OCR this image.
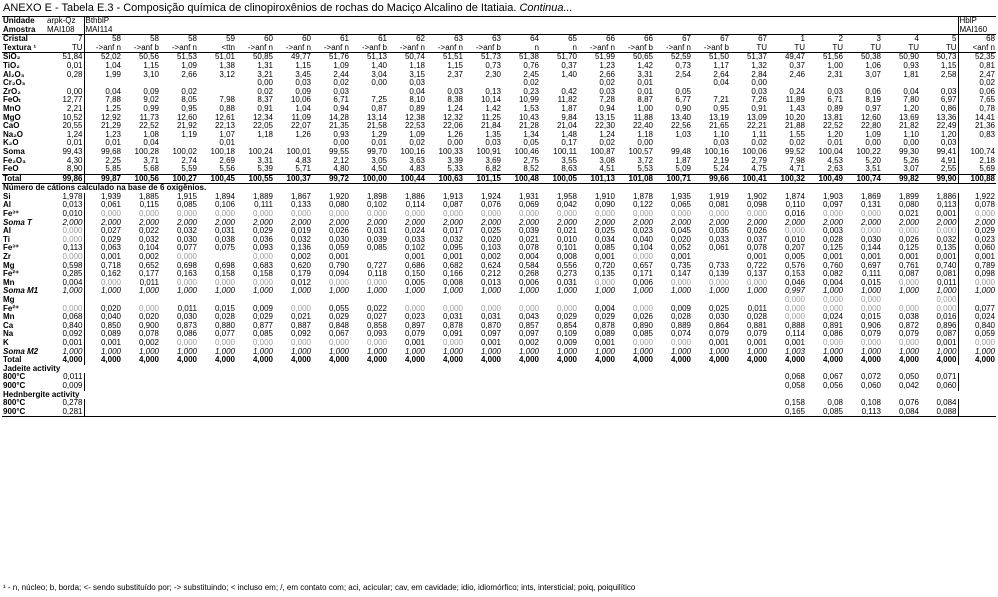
ANEXO E - Tabela E.3 - Composição química de clinopiroxênios de rochas do Maciço Alcalino de Itatiaia. Continua...
Unidade	arpk-Qz	BthblP																							HblP
Amostra	MAI108	MAI114																							MAI160
Cristal	7	58	58	58	59	60	60	61	61	62	63	63	64	65	66	66	67	67	67	1	2	3	4	5	68
Textura ¹	TÜ	->anf n	->anf b	->anf n	<ttn	->anf n	->anf n	->anf n	->anf b	->anf n	->anf n	->anf b	n	n	->anf n	->anf b	->anf n	->anf b	TÜ	TÜ	TÜ	TÜ	TÜ	TÜ	<anf n
SiO₂	51,84	52,02	50,56	51,53	51,01	50,85	49,77	51,76	51,13	50,74	51,51	51,73	51,38	51,70	51,99	50,65	52,59	51,50	51,37	49,47	51,56	50,38	50,90	50,73	52,35
TiO₂	0,01	1,04	1,15	1,09	1,38	1,31	1,15	1,09	1,40	1,18	1,15	0,73	0,76	0,37	1,23	1,42	0,73	1,17	1,32	0,37	1,00	1,06	0,93	1,15	0,81
Al₂O₃	0,28	1,99	3,10	2,66	3,12	3,21	3,45	2,44	3,04	3,15	2,37	2,30	2,45	1,40	2,66	3,31	2,54	2,64	2,84	2,46	2,31	3,07	1,81	2,58	2,47
Cr₂O₃						0,00	0,03	0,02	0,00	0,03			0,02		0,02	0,01		0,04	0,00						0,02
ZrO₂	0,00	0,04	0,09	0,02		0,02	0,09	0,03		0,04	0,03	0,13	0,23	0,42	0,03	0,01	0,05		0,03	0,24	0,03	0,06	0,04	0,03	0,06
FeOₜ	12,77	7,88	9,02	8,05	7,98	8,37	10,06	6,71	7,25	8,10	8,38	10,14	10,99	11,82	7,28	8,87	6,77	7,21	7,26	11,89	6,71	8,19	7,80	6,97	7,65
MnO	2,21	1,25	0,99	0,95	0,88	0,91	1,04	0,94	0,87	0,89	1,24	1,42	1,53	1,87	0,94	1,00	0,90	0,95	0,91	1,43	0,89	0,97	1,20	0,86	0,78
MgO	10,52	12,92	11,73	12,60	12,61	12,34	11,09	14,28	13,14	12,38	12,32	11,25	10,43	9,84	13,15	11,88	13,40	13,19	13,09	10,20	13,81	12,60	13,69	13,36	14,41
CaO	20,55	21,29	22,52	21,92	22,13	22,05	22,07	21,35	21,58	22,53	22,06	21,84	21,28	21,04	22,30	22,40	22,56	21,65	22,21	21,88	22,52	22,80	21,82	22,49	21,36
Na₂O	1,24	1,23	1,08	1,19	1,07	1,18	1,26	0,93	1,29	1,09	1,26	1,35	1,34	1,48	1,24	1,18	1,03	1,10	1,11	1,55	1,20	1,09	1,10	1,20	0,83
K₂O	0,01	0,01	0,04		0,01			0,00	0,01	0,02	0,00	0,03	0,05	0,17	0,02	0,00		0,03	0,02	0,02	0,01	0,00	0,00	0,03	
Soma	99,43	99,68	100,28	100,02	100,18	100,24	100,01	99,55	99,70	100,16	100,33	100,91	100,46	100,11	100,87	100,57	99,48	100,16	100,06	99,52	100,04	100,22	99,30	99,41	100,74
Fe₂O₃	4,30	2,25	3,71	2,74	2,69	3,31	4,83	2,12	3,05	3,63	3,39	3,69	2,75	3,55	3,08	3,72	1,87	2,19	2,79	7,98	4,53	5,20	5,26	4,91	2,18
FeO	8,90	5,85	5,68	5,59	5,56	5,39	5,71	4,80	4,50	4,83	5,33	6,82	8,52	8,63	4,51	5,53	5,09	5,24	4,75	4,71	2,63	3,51	3,07	2,55	5,69
Total	99,86	99,87	100,56	100,27	100,45	100,55	100,37	99,72	100,00	100,44	100,63	101,15	100,48	100,05	101,13	101,08	100,71	99,66	100,41	100,32	100,49	100,74	99,82	99,90	100,88
Número de cátions calculado na base de 6 oxigênios.																									
Si	1,978	1,939	1,885	1,915	1,894	1,889	1,867	1,920	1,898	1,886	1,913	1,924	1,931	1,958	1,910	1,878	1,935	1,919	1,902	1,874	1,903	1,869	1,899	1,886	1,922
Al	0,013	0,061	0,115	0,085	0,106	0,111	0,133	0,080	0,102	0,114	0,087	0,076	0,069	0,042	0,090	0,122	0,065	0,081	0,098	0,110	0,097	0,131	0,080	0,113	0,078
Fe³⁺	0,010	0,000	0,000	0,000	0,000	0,000	0,000	0,000	0,000	0,000	0,000	0,000	0,000	0,000	0,000	0,000	0,000	0,000	0,000	0,016	0,000	0,000	0,021	0,001	0,000
Soma T	2,000	2,000	2,000	2,000	2,000	2,000	2,000	2,000	2,000	2,000	2,000	2,000	2,000	2,000	2,000	2,000	2,000	2,000	2,000	2,000	2,000	2,000	2,000	2,000	2,000
Al	0,000	0,027	0,022	0,032	0,031	0,029	0,019	0,026	0,031	0,024	0,017	0,025	0,039	0,021	0,025	0,023	0,045	0,035	0,026	0,000	0,003	0,000	0,000	0,000	0,029
Ti	0,000	0,029	0,032	0,030	0,038	0,036	0,032	0,030	0,039	0,033	0,032	0,020	0,021	0,010	0,034	0,040	0,020	0,033	0,037	0,010	0,028	0,030	0,026	0,032	0,023
Fe³⁺	0,113	0,063	0,104	0,077	0,075	0,093	0,136	0,059	0,085	0,102	0,095	0,103	0,078	0,101	0,085	0,104	0,052	0,061	0,078	0,207	0,125	0,144	0,125	0,135	0,060
Zr	0,000	0,001	0,002	0,000		0,000	0,002	0,001		0,001	0,001	0,002	0,004	0,008	0,001	0,000	0,001		0,001	0,005	0,001	0,001	0,001	0,001	0,001
Mg	0,598	0,718	0,652	0,698	0,698	0,683	0,620	0,790	0,727	0,686	0,682	0,624	0,584	0,556	0,720	0,657	0,735	0,733	0,722	0,576	0,760	0,697	0,761	0,740	0,789
Fe²⁺	0,285	0,162	0,177	0,163	0,158	0,158	0,179	0,094	0,118	0,150	0,166	0,212	0,268	0,273	0,135	0,171	0,147	0,139	0,137	0,153	0,082	0,111	0,087	0,081	0,098
Mn	0,004	0,000	0,011	0,000	0,000	0,000	0,012	0,000	0,000	0,005	0,008	0,013	0,006	0,031	0,000	0,006	0,000	0,000	0,000	0,046	0,004	0,015	0,000	0,011	0,000
Soma M1	1,000	1,000	1,000	1,000	1,000	1,000	1,000	1,000	1,000	1,000	1,000	1,000	1,000	1,000	1,000	1,000	1,000	1,000	1,000	0,997	1,000	1,000	1,000	1,000	1,000
Mg																				0,000	0,000	0,000		0,000	
Fe²⁺	0,000	0,020	0,000	0,011	0,015	0,009	0,000	0,055	0,022	0,000	0,000	0,000	0,000	0,000	0,004	0,000	0,009	0,025	0,011	0,000	0,000	0,000	0,000	0,000	0,077
Mn	0,068	0,040	0,020	0,030	0,028	0,029	0,021	0,029	0,027	0,023	0,031	0,031	0,043	0,029	0,029	0,026	0,028	0,030	0,028	0,000	0,024	0,015	0,038	0,016	0,024
Ca	0,840	0,850	0,900	0,873	0,880	0,877	0,887	0,848	0,858	0,897	0,878	0,870	0,857	0,854	0,878	0,890	0,889	0,864	0,881	0,888	0,891	0,906	0,872	0,896	0,840
Na	0,092	0,089	0,078	0,086	0,077	0,085	0,092	0,067	0,093	0,079	0,091	0,097	0,097	0,109	0,089	0,085	0,074	0,079	0,079	0,114	0,086	0,079	0,079	0,087	0,059
K	0,001	0,001	0,002	0,000	0,000	0,000	0,000	0,000	0,000	0,001	0,000	0,001	0,002	0,009	0,001	0,000	0,000	0,001	0,001	0,001	0,000	0,000	0,000	0,001	0,000
Soma M2	1,000	1,000	1,000	1,000	1,000	1,000	1,000	1,000	1,000	1,000	1,000	1,000	1,000	1,000	1,000	1,000	1,000	1,000	1,000	1,003	1,000	1,000	1,000	1,000	1,000
Total	4,000	4,000	4,000	4,000	4,000	4,000	4,000	4,000	4,000	4,000	4,000	4,000	4,000	4,000	4,000	4,000	4,000	4,000	4,000	4,000	4,000	4,000	4,000	4,000	4,000
Jadeite activity																									
800°C	0,011																			0,068	0,067	0,072	0,050	0,071	
900°C	0,009																			0,058	0,056	0,060	0,042	0,060	
Hednbergite activity																									
800°C	0,278																			0,158	0,08	0,108	0,076	0,084	
900°C	0,281																			0,165	0,085	0,113	0,084	0,088	
¹ - n, núcleo; b, borda; <- sendo substituído por; -> substituindo; < incluso em; /, em contato com; aci, acicular; cav, em cavidade; idio, idiomórfico; ints, intersticial; poiq, poiquilítico
